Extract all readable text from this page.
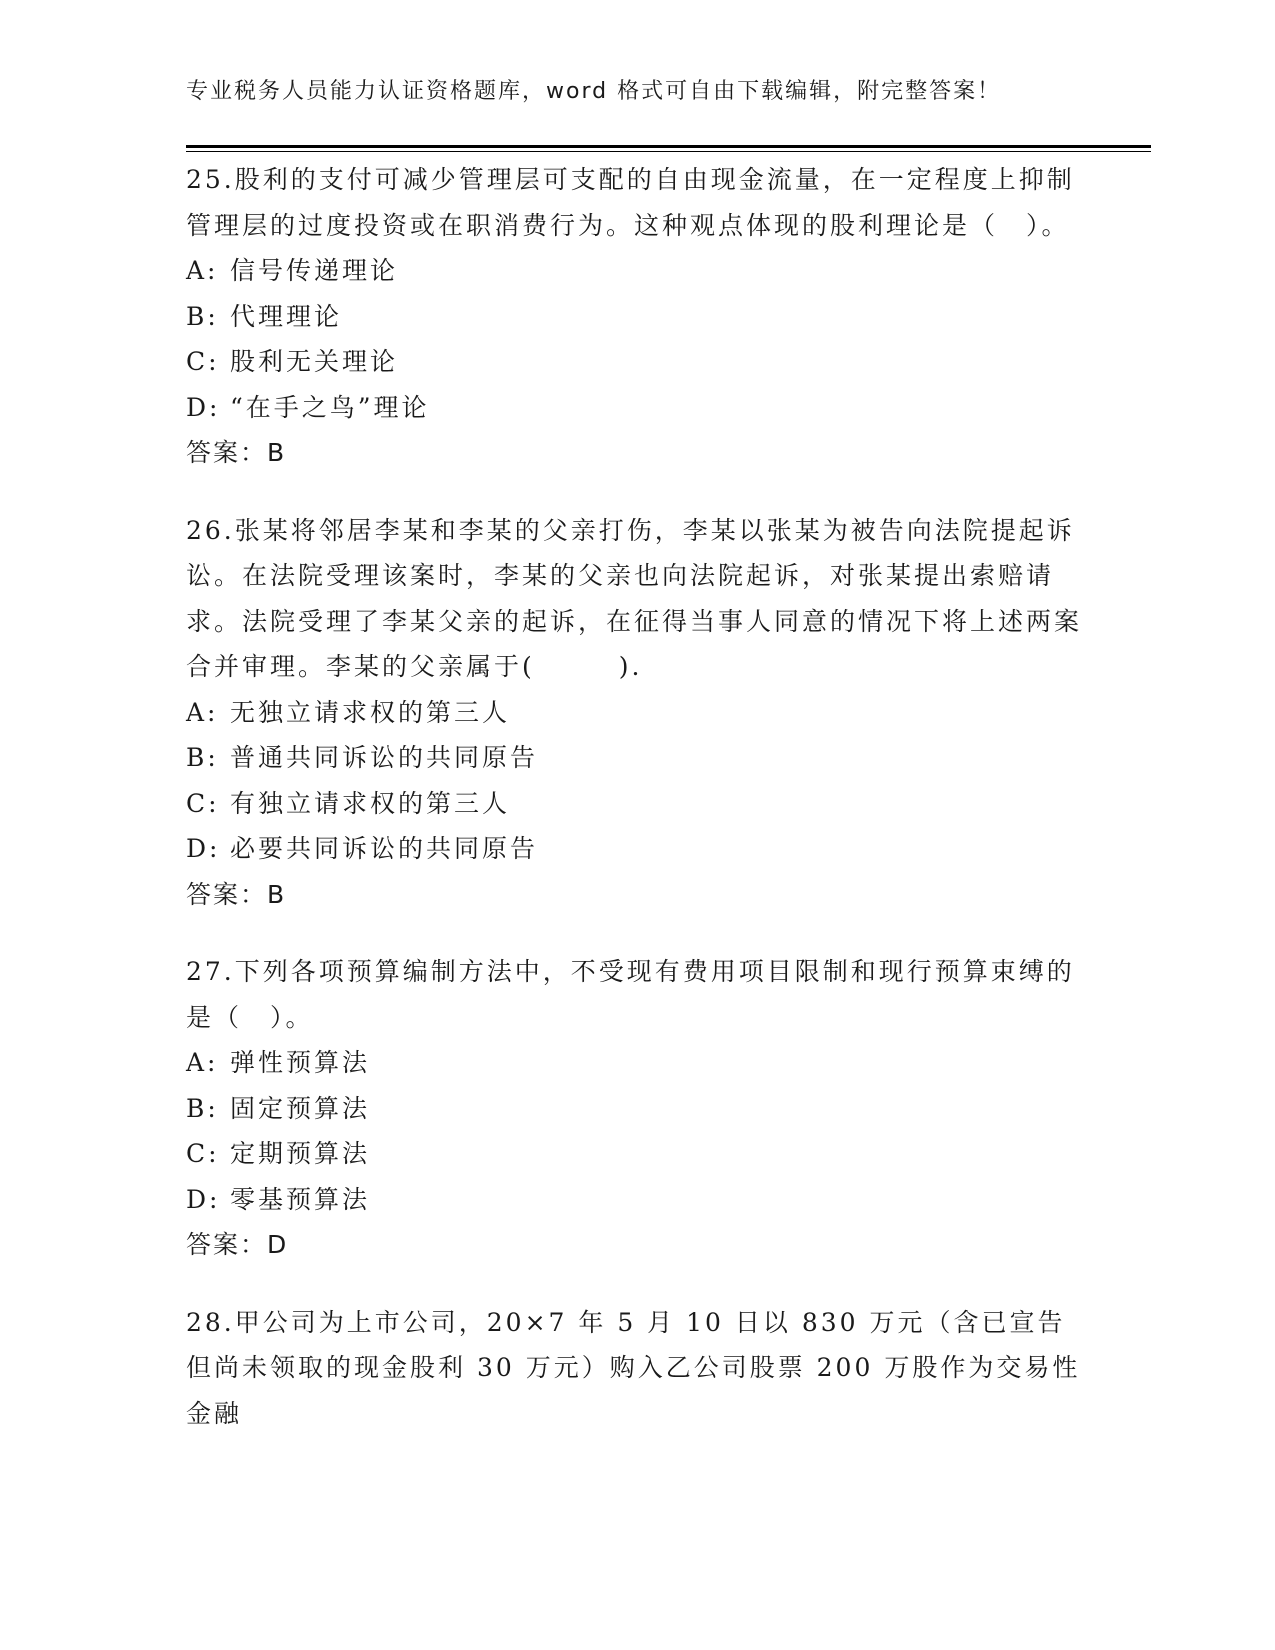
专业税务人员能力认证资格题库，word 格式可自由下载编辑，附完整答案！

25.股利的支付可减少管理层可支配的自由现金流量，在一定程度上抑制管理层的过度投资或在职消费行为。这种观点体现的股利理论是（　）。

A: 信号传递理论
B: 代理理论
C: 股利无关理论
D: “在手之鸟”理论
答案：B

26.张某将邻居李某和李某的父亲打伤，李某以张某为被告向法院提起诉讼。在法院受理该案时，李某的父亲也向法院起诉，对张某提出索赔请求。法院受理了李某父亲的起诉，在征得当事人同意的情况下将上述两案合并审理。李某的父亲属于(　　　).

A: 无独立请求权的第三人
B: 普通共同诉讼的共同原告
C: 有独立请求权的第三人
D: 必要共同诉讼的共同原告
答案：B

27.下列各项预算编制方法中，不受现有费用项目限制和现行预算束缚的是（　）。

A: 弹性预算法
B: 固定预算法
C: 定期预算法
D: 零基预算法
答案：D

28.甲公司为上市公司，20×7 年 5 月 10 日以 830 万元（含已宣告但尚未领取的现金股利 30 万元）购入乙公司股票 200 万股作为交易性金融
